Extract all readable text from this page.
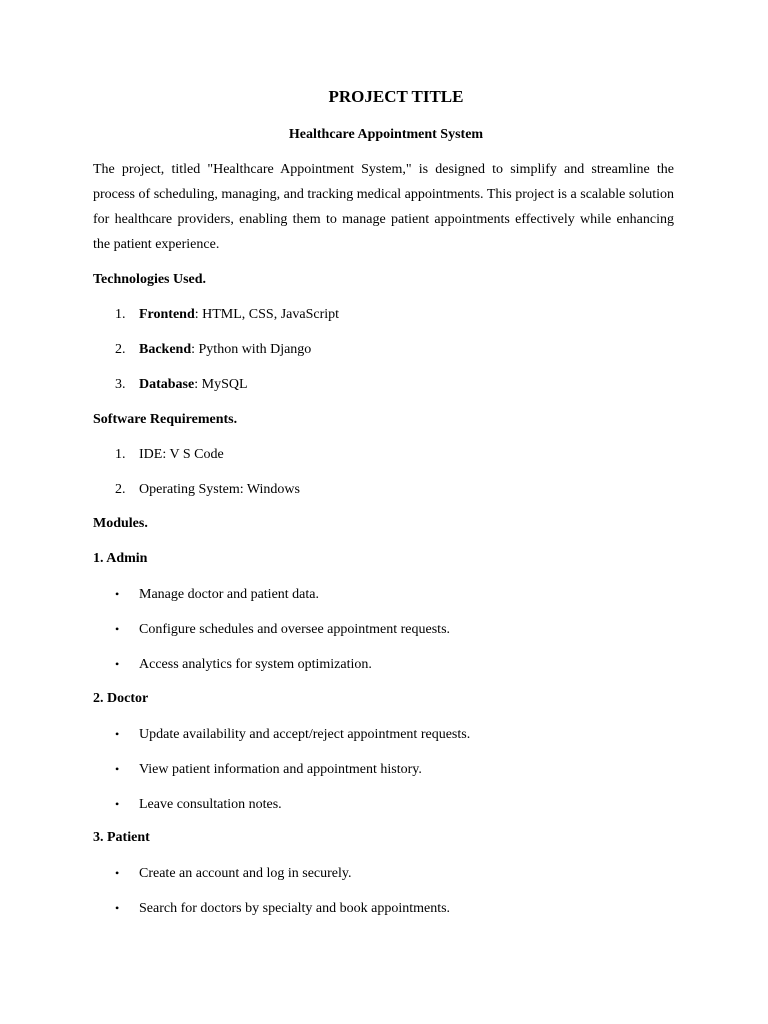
PROJECT TITLE
Healthcare Appointment System

The project, titled "Healthcare Appointment System," is designed to simplify and streamline the process of scheduling, managing, and tracking medical appointments. This project is a scalable solution for healthcare providers, enabling them to manage patient appointments effectively while enhancing the patient experience.

Technologies Used.
1. Frontend: HTML, CSS, JavaScript
2. Backend: Python with Django
3. Database: MySQL
Software Requirements.
1. IDE: V S Code
2. Operating System: Windows
Modules.
1. Admin
• Manage doctor and patient data.
• Configure schedules and oversee appointment requests.
• Access analytics for system optimization.
2. Doctor
• Update availability and accept/reject appointment requests.
• View patient information and appointment history.
• Leave consultation notes.
3. Patient
• Create an account and log in securely.
• Search for doctors by specialty and book appointments.
